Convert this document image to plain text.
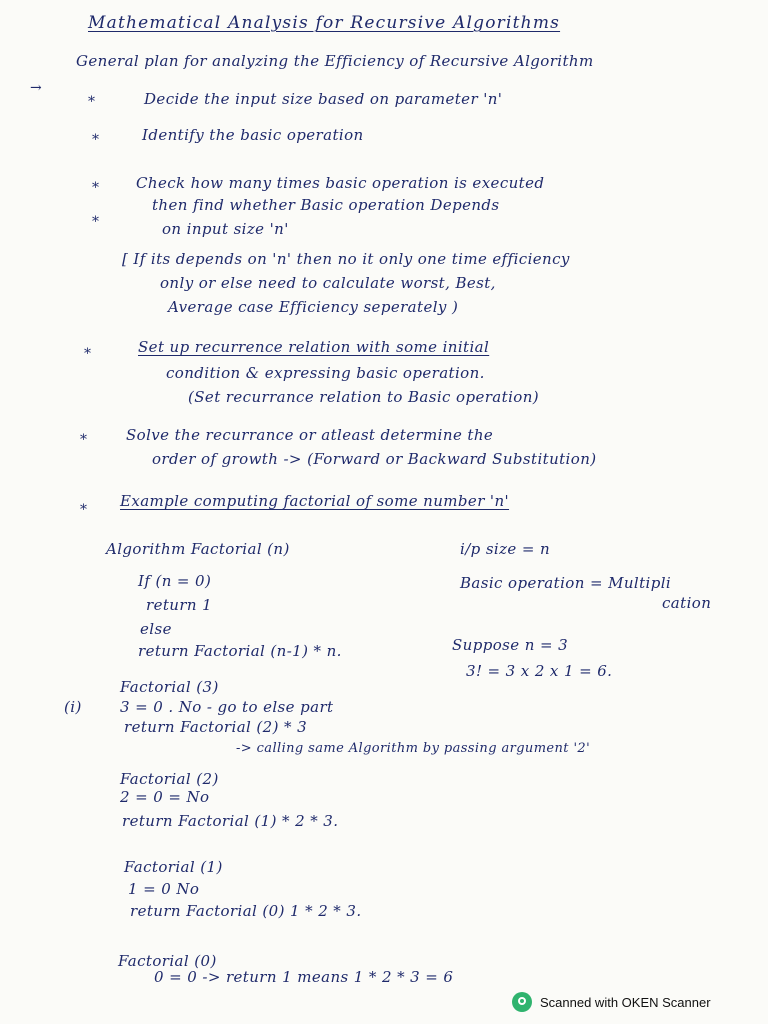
Mathematical Analysis for Recursive Algorithms
→
General plan for analyzing the Efficiency of Recursive Algorithm
*	Decide the input size based on parameter 'n'
*	Identify the basic operation
* Check how many times basic operation is executed
then find whether Basic operation Depends
*	on input size 'n'
[ If its depends on 'n' then no it only one time efficiency
only or else need to calculate worst, Best,
Average case Efficiency seperately )
*	Set up recurrence relation with some initial
condition & expressing basic operation.
(Set recurrance relation to Basic operation)
*	Solve the recurrance or atleast determine the
order of growth -> (Forward or Backward Substitution)
* Example computing factorial of some number 'n'
Algorithm Factorial (n)
If (n = 0)
return 1
else
return Factorial (n-1) * n.
i/p size = n
Basic operation = Multipli
cation
Suppose n = 3
3! = 3 x 2 x 1 = 6.
(i)
Factorial (3)
3 = 0 . No - go to else part
return Factorial (2) * 3
-> calling same Algorithm by passing argument '2'
Factorial (2)
2 = 0 = No
return Factorial (1) * 2 * 3.
Factorial (1)
1 = 0 No
return Factorial (0) 1 * 2 * 3.
Factorial (0)
0 = 0 -> return 1 means 1 * 2 * 3 = 6
Scanned with OKEN Scanner
